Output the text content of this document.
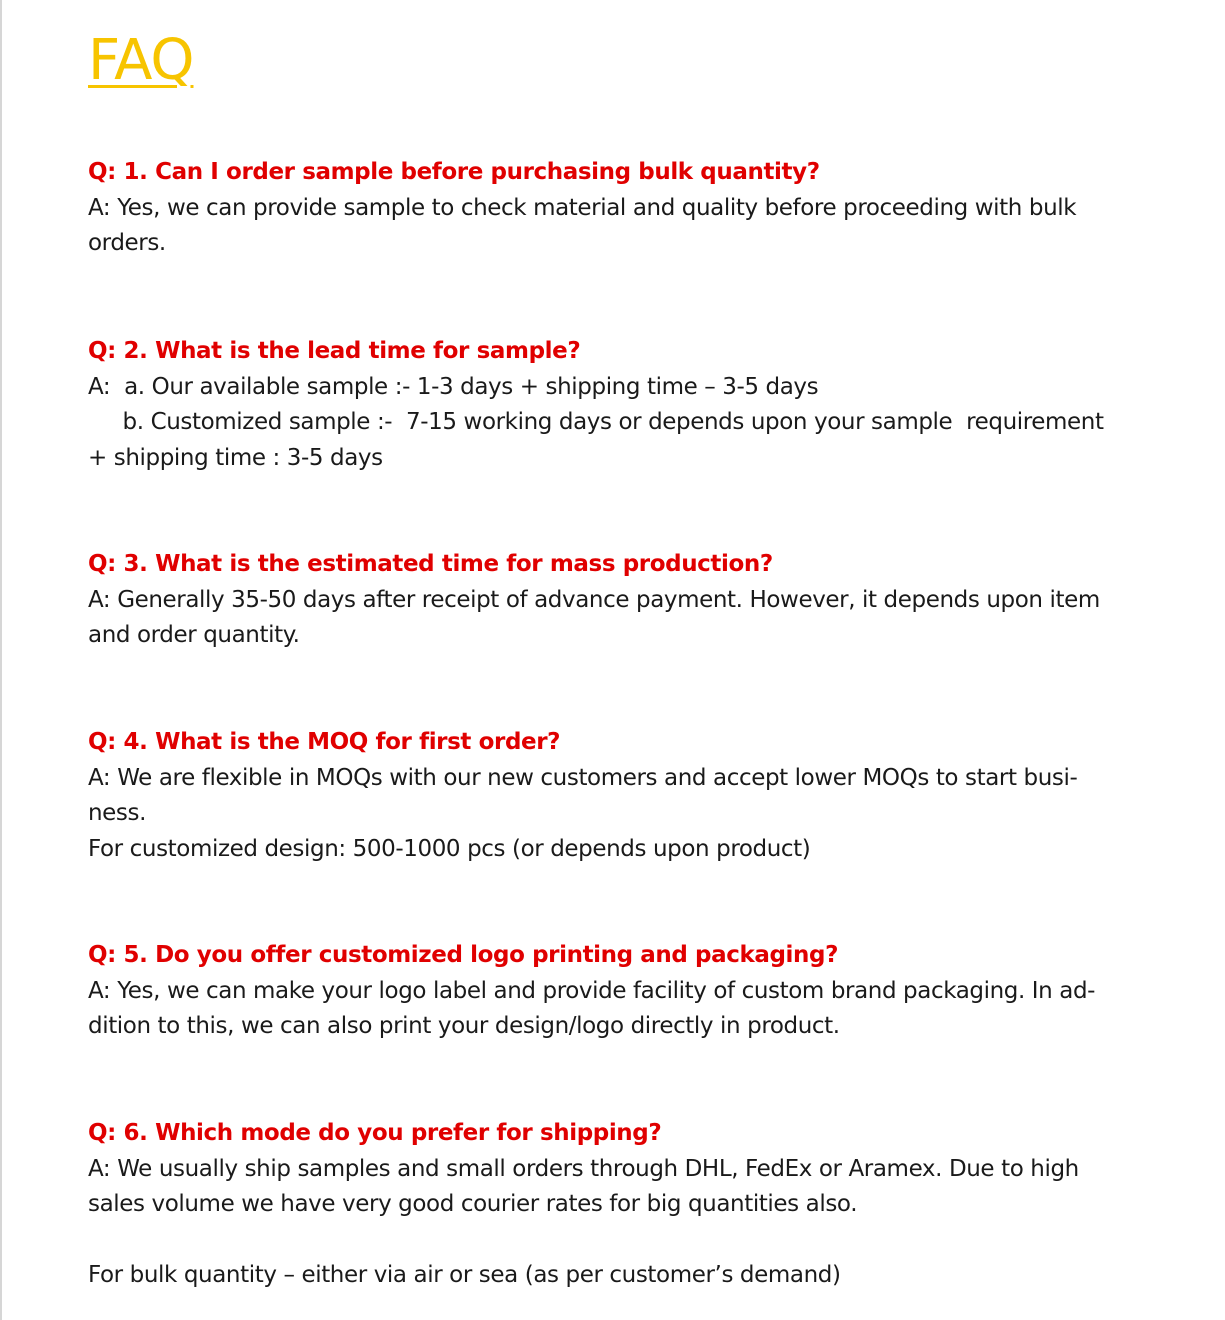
FAQ

Q: 1. Can I order sample before purchasing bulk quantity?

A: Yes, we can provide sample to check material and quality before proceeding with bulk

orders.

Q: 2. What is the lead time for sample?

A:  a. Our available sample :- 1-3 days + shipping time – 3-5 days

b. Customized sample :-  7-15 working days or depends upon your sample  requirement

+ shipping time : 3-5 days

Q: 3. What is the estimated time for mass production?

A: Generally 35-50 days after receipt of advance payment. However, it depends upon item

and order quantity.

Q: 4. What is the MOQ for first order?

A: We are flexible in MOQs with our new customers and accept lower MOQs to start busi-

ness.

For customized design: 500-1000 pcs (or depends upon product)

Q: 5. Do you offer customized logo printing and packaging?

A: Yes, we can make your logo label and provide facility of custom brand packaging. In ad-

dition to this, we can also print your design/logo directly in product.

Q: 6. Which mode do you prefer for shipping?

A: We usually ship samples and small orders through DHL, FedEx or Aramex. Due to high

sales volume we have very good courier rates for big quantities also.

For bulk quantity – either via air or sea (as per customer’s demand)
